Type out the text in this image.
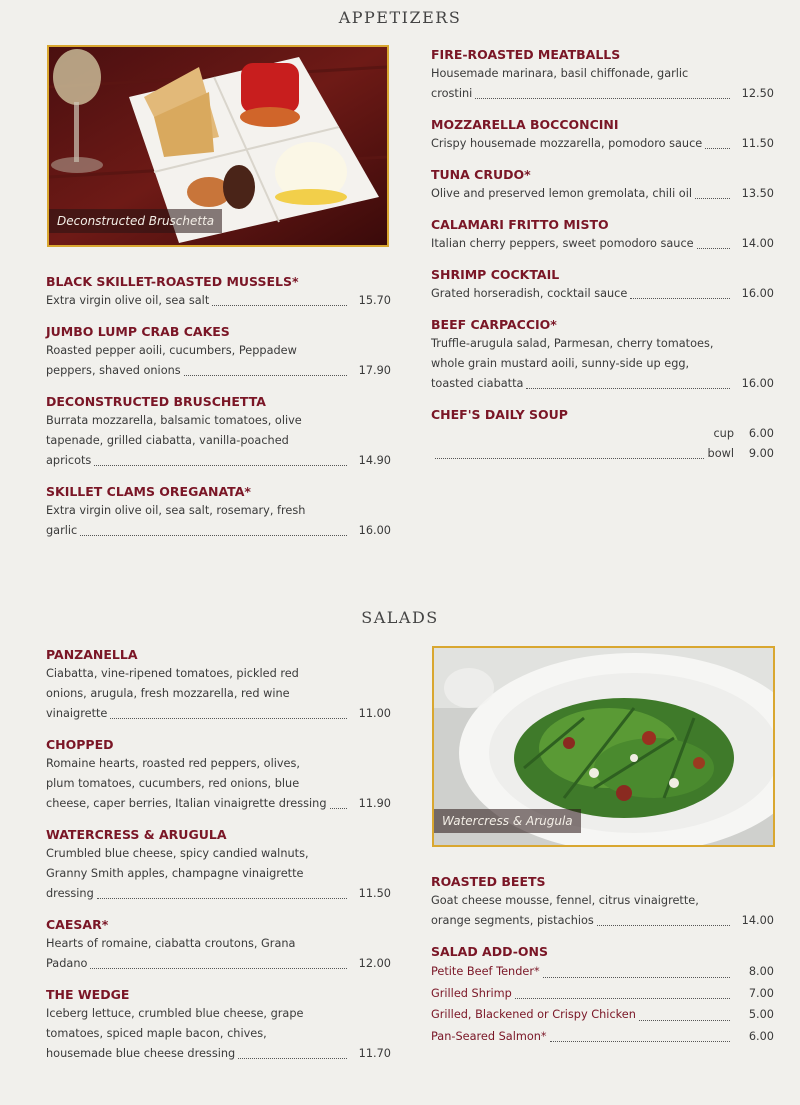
APPETIZERS
Deconstructed Bruschetta
BLACK SKILLET-ROASTED MUSSELS*
Extra virgin olive oil, sea salt	15.70
JUMBO LUMP CRAB CAKES
Roasted pepper aoili, cucumbers, Peppadew
peppers, shaved onions	17.90
DECONSTRUCTED BRUSCHETTA
Burrata mozzarella, balsamic tomatoes, olive
tapenade, grilled ciabatta, vanilla-poached
apricots	14.90
SKILLET CLAMS OREGANATA*
Extra virgin olive oil, sea salt, rosemary, fresh
garlic	16.00
FIRE-ROASTED MEATBALLS
Housemade marinara, basil chiffonade, garlic
crostini	12.50
MOZZARELLA BOCCONCINI
Crispy housemade mozzarella, pomodoro sauce	11.50
TUNA CRUDO*
Olive and preserved lemon gremolata, chili oil	13.50
CALAMARI FRITTO MISTO
Italian cherry peppers, sweet pomodoro sauce	14.00
SHRIMP COCKTAIL
Grated horseradish, cocktail sauce	16.00
BEEF CARPACCIO*
Truffle-arugula salad, Parmesan, cherry tomatoes,
whole grain mustard aoili, sunny-side up egg,
toasted ciabatta	16.00
CHEF'S DAILY SOUP
cup	6.00
bowl	9.00
SALADS
PANZANELLA
Ciabatta, vine-ripened tomatoes, pickled red
onions, arugula, fresh mozzarella, red wine
vinaigrette	11.00
CHOPPED
Romaine hearts, roasted red peppers, olives,
plum tomatoes, cucumbers, red onions, blue
cheese, caper berries, Italian vinaigrette dressing	11.90
WATERCRESS & ARUGULA
Crumbled blue cheese, spicy candied walnuts,
Granny Smith apples, champagne vinaigrette
dressing	11.50
CAESAR*
Hearts of romaine, ciabatta croutons, Grana
Padano	12.00
THE WEDGE
Iceberg lettuce, crumbled blue cheese, grape
tomatoes, spiced maple bacon, chives,
housemade blue cheese dressing	11.70
Watercress & Arugula
ROASTED BEETS
Goat cheese mousse, fennel, citrus vinaigrette,
orange segments, pistachios	14.00
SALAD ADD-ONS
Petite Beef Tender*	8.00
Grilled Shrimp	7.00
Grilled, Blackened or Crispy Chicken	5.00
Pan-Seared Salmon*	6.00
